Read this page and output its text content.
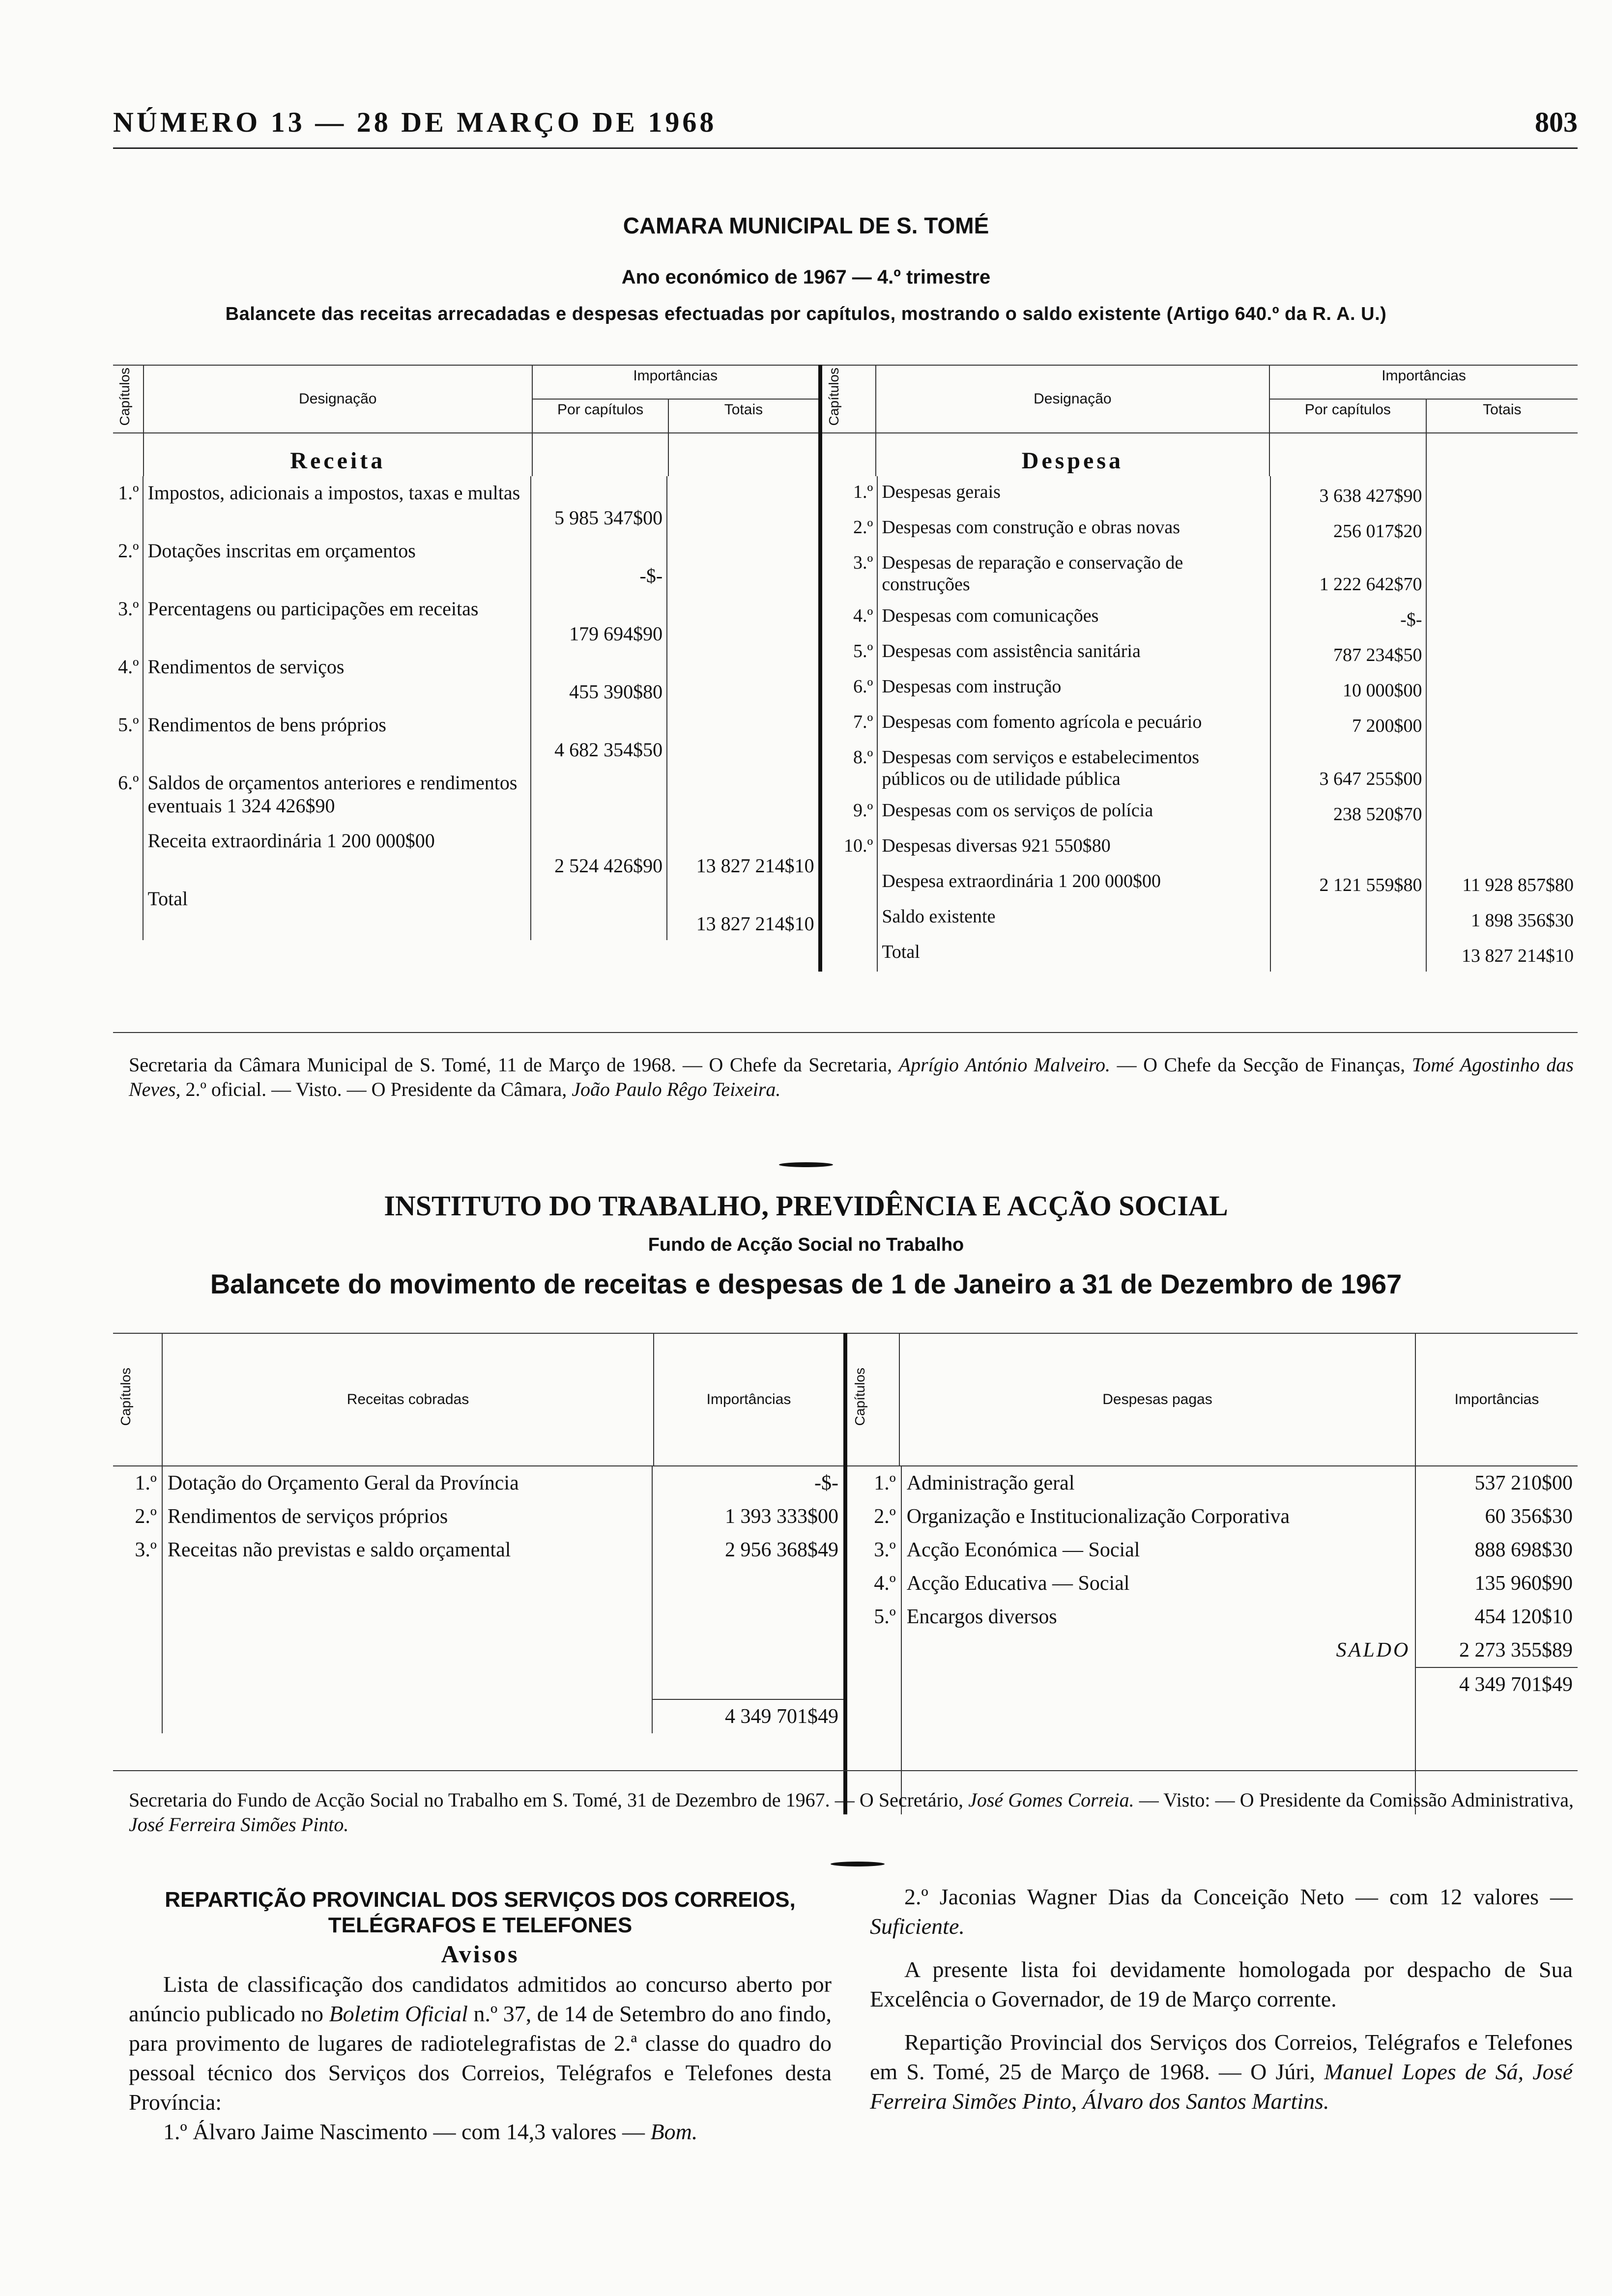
NÚMERO 13 — 28 DE MARÇO DE 1968	803
CAMARA MUNICIPAL DE S. TOMÉ
Ano económico de 1967 — 4.º trimestre
Balancete das receitas arrecadadas e despesas efectuadas por capítulos, mostrando o saldo existente (Artigo 640.º da R. A. U.)
Capítulos	Designação	Importâncias	Capítulos	Designação	Importâncias
Por capítulos	Totais	Por capítulos	Totais
	Receita				Despesa		

1.º	Impostos, adicionais a impostos, taxas e multas	5 985 347$00	
2.º	Dotações inscritas em orçamentos	-$-	
3.º	Percentagens ou participações em receitas	179 694$90	
4.º	Rendimentos de serviços	455 390$80	
5.º	Rendimentos de bens próprios	4 682 354$50	
6.º	Saldos de orçamentos anteriores e rendimentos eventuais 1 324 426$90		
	Receita extraordinária 1 200 000$00	2 524 426$90	13 827 214$10
	Total		13 827 214$10

1.º	Despesas gerais	3 638 427$90	
2.º	Despesas com construção e obras novas	256 017$20	
3.º	Despesas de reparação e conservação de construções	1 222 642$70	
4.º	Despesas com comunicações	-$-	
5.º	Despesas com assistência sanitária	787 234$50	
6.º	Despesas com instrução	10 000$00	
7.º	Despesas com fomento agrícola e pecuário	7 200$00	
8.º	Despesas com serviços e estabelecimentos públicos ou de utilidade pública	3 647 255$00	
9.º	Despesas com os serviços de polícia	238 520$70	
10.º	Despesas diversas 921 550$80		
	Despesa extraordinária 1 200 000$00	2 121 559$80	11 928 857$80
	Saldo existente		1 898 356$30
	Total		13 827 214$10
Secretaria da Câmara Municipal de S. Tomé, 11 de Março de 1968. — O Chefe da Secretaria, Aprígio António Malveiro. — O Chefe da Secção de Finanças, Tomé Agostinho das Neves, 2.º oficial. — Visto. — O Presidente da Câmara, João Paulo Rêgo Teixeira.
INSTITUTO DO TRABALHO, PREVIDÊNCIA E ACÇÃO SOCIAL
Fundo de Acção Social no Trabalho
Balancete do movimento de receitas e despesas de 1 de Janeiro a 31 de Dezembro de 1967
Capítulos	Receitas cobradas	Importâncias	Capítulos	Despesas pagas	Importâncias

1.º	Dotação do Orçamento Geral da Província	-$-
2.º	Rendimentos de serviços próprios	1 393 333$00
3.º	Receitas não previstas e saldo orçamental	2 956 368$49

		4 349 701$49

1.º	Administração geral	537 210$00
2.º	Organização e Institucionalização Corporativa	60 356$30
3.º	Acção Económica — Social	888 698$30
4.º	Acção Educativa — Social	135 960$90
5.º	Encargos diversos	454 120$10
	SALDO	2 273 355$89
		4 349 701$49

Secretaria do Fundo de Acção Social no Trabalho em S. Tomé, 31 de Dezembro de 1967. — O Secretário, José Gomes Correia. — Visto: — O Presidente da Comissão Administrativa, José Ferreira Simões Pinto.
REPARTIÇÃO PROVINCIAL DOS SERVIÇOS DOS CORREIOS,
TELÉGRAFOS E TELEFONES
Avisos

Lista de classificação dos candidatos admitidos ao concurso aberto por anúncio publicado no Boletim Oficial n.º 37, de 14 de Setembro do ano findo, para provimento de lugares de radiotelegrafistas de 2.ª classe do quadro do pessoal técnico dos Serviços dos Correios, Telégrafos e Telefones desta Província:

1.º Álvaro Jaime Nascimento — com 14,3 valores — Bom.

2.º Jaconias Wagner Dias da Conceição Neto — com 12 valores — Suficiente.

A presente lista foi devidamente homologada por despacho de Sua Excelência o Governador, de 19 de Março corrente.

Repartição Provincial dos Serviços dos Correios, Telégrafos e Telefones em S. Tomé, 25 de Março de 1968. — O Júri, Manuel Lopes de Sá, José Ferreira Simões Pinto, Álvaro dos Santos Martins.
